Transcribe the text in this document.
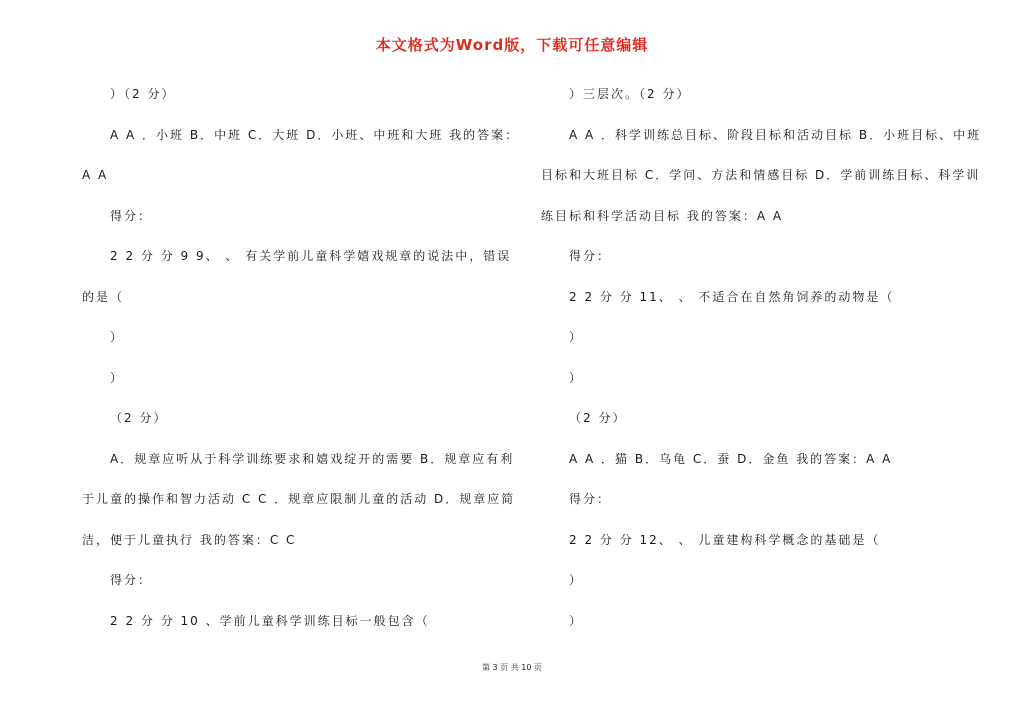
本文格式为Word版，下载可任意编辑
）（2 分）
A A ．小班 B．中班 C．大班 D．小班、中班和大班 我的答案：
A A
得分：
2 2 分 分 9 9、 、 有关学前儿童科学嬉戏规章的说法中，错误
的是（
）
）
（2 分）
A．规章应听从于科学训练要求和嬉戏绽开的需要 B．规章应有利
于儿童的操作和智力活动 C C ．规章应限制儿童的活动 D．规章应简
洁，便于儿童执行 我的答案：C C
得分：
2 2 分 分 10 、学前儿童科学训练目标一般包含（
）三层次。（2 分）
A A ．科学训练总目标、阶段目标和活动目标 B．小班目标、中班
目标和大班目标 C．学问、方法和情感目标 D．学前训练目标、科学训
练目标和科学活动目标 我的答案：A A
得分：
2 2 分 分 11、 、 不适合在自然角饲养的动物是（
）
）
（2 分）
A A ．猫 B．乌龟 C．蚕 D．金鱼 我的答案：A A
得分：
2 2 分 分 12、 、 儿童建构科学概念的基础是（
）
）
第 3 页 共 10 页
